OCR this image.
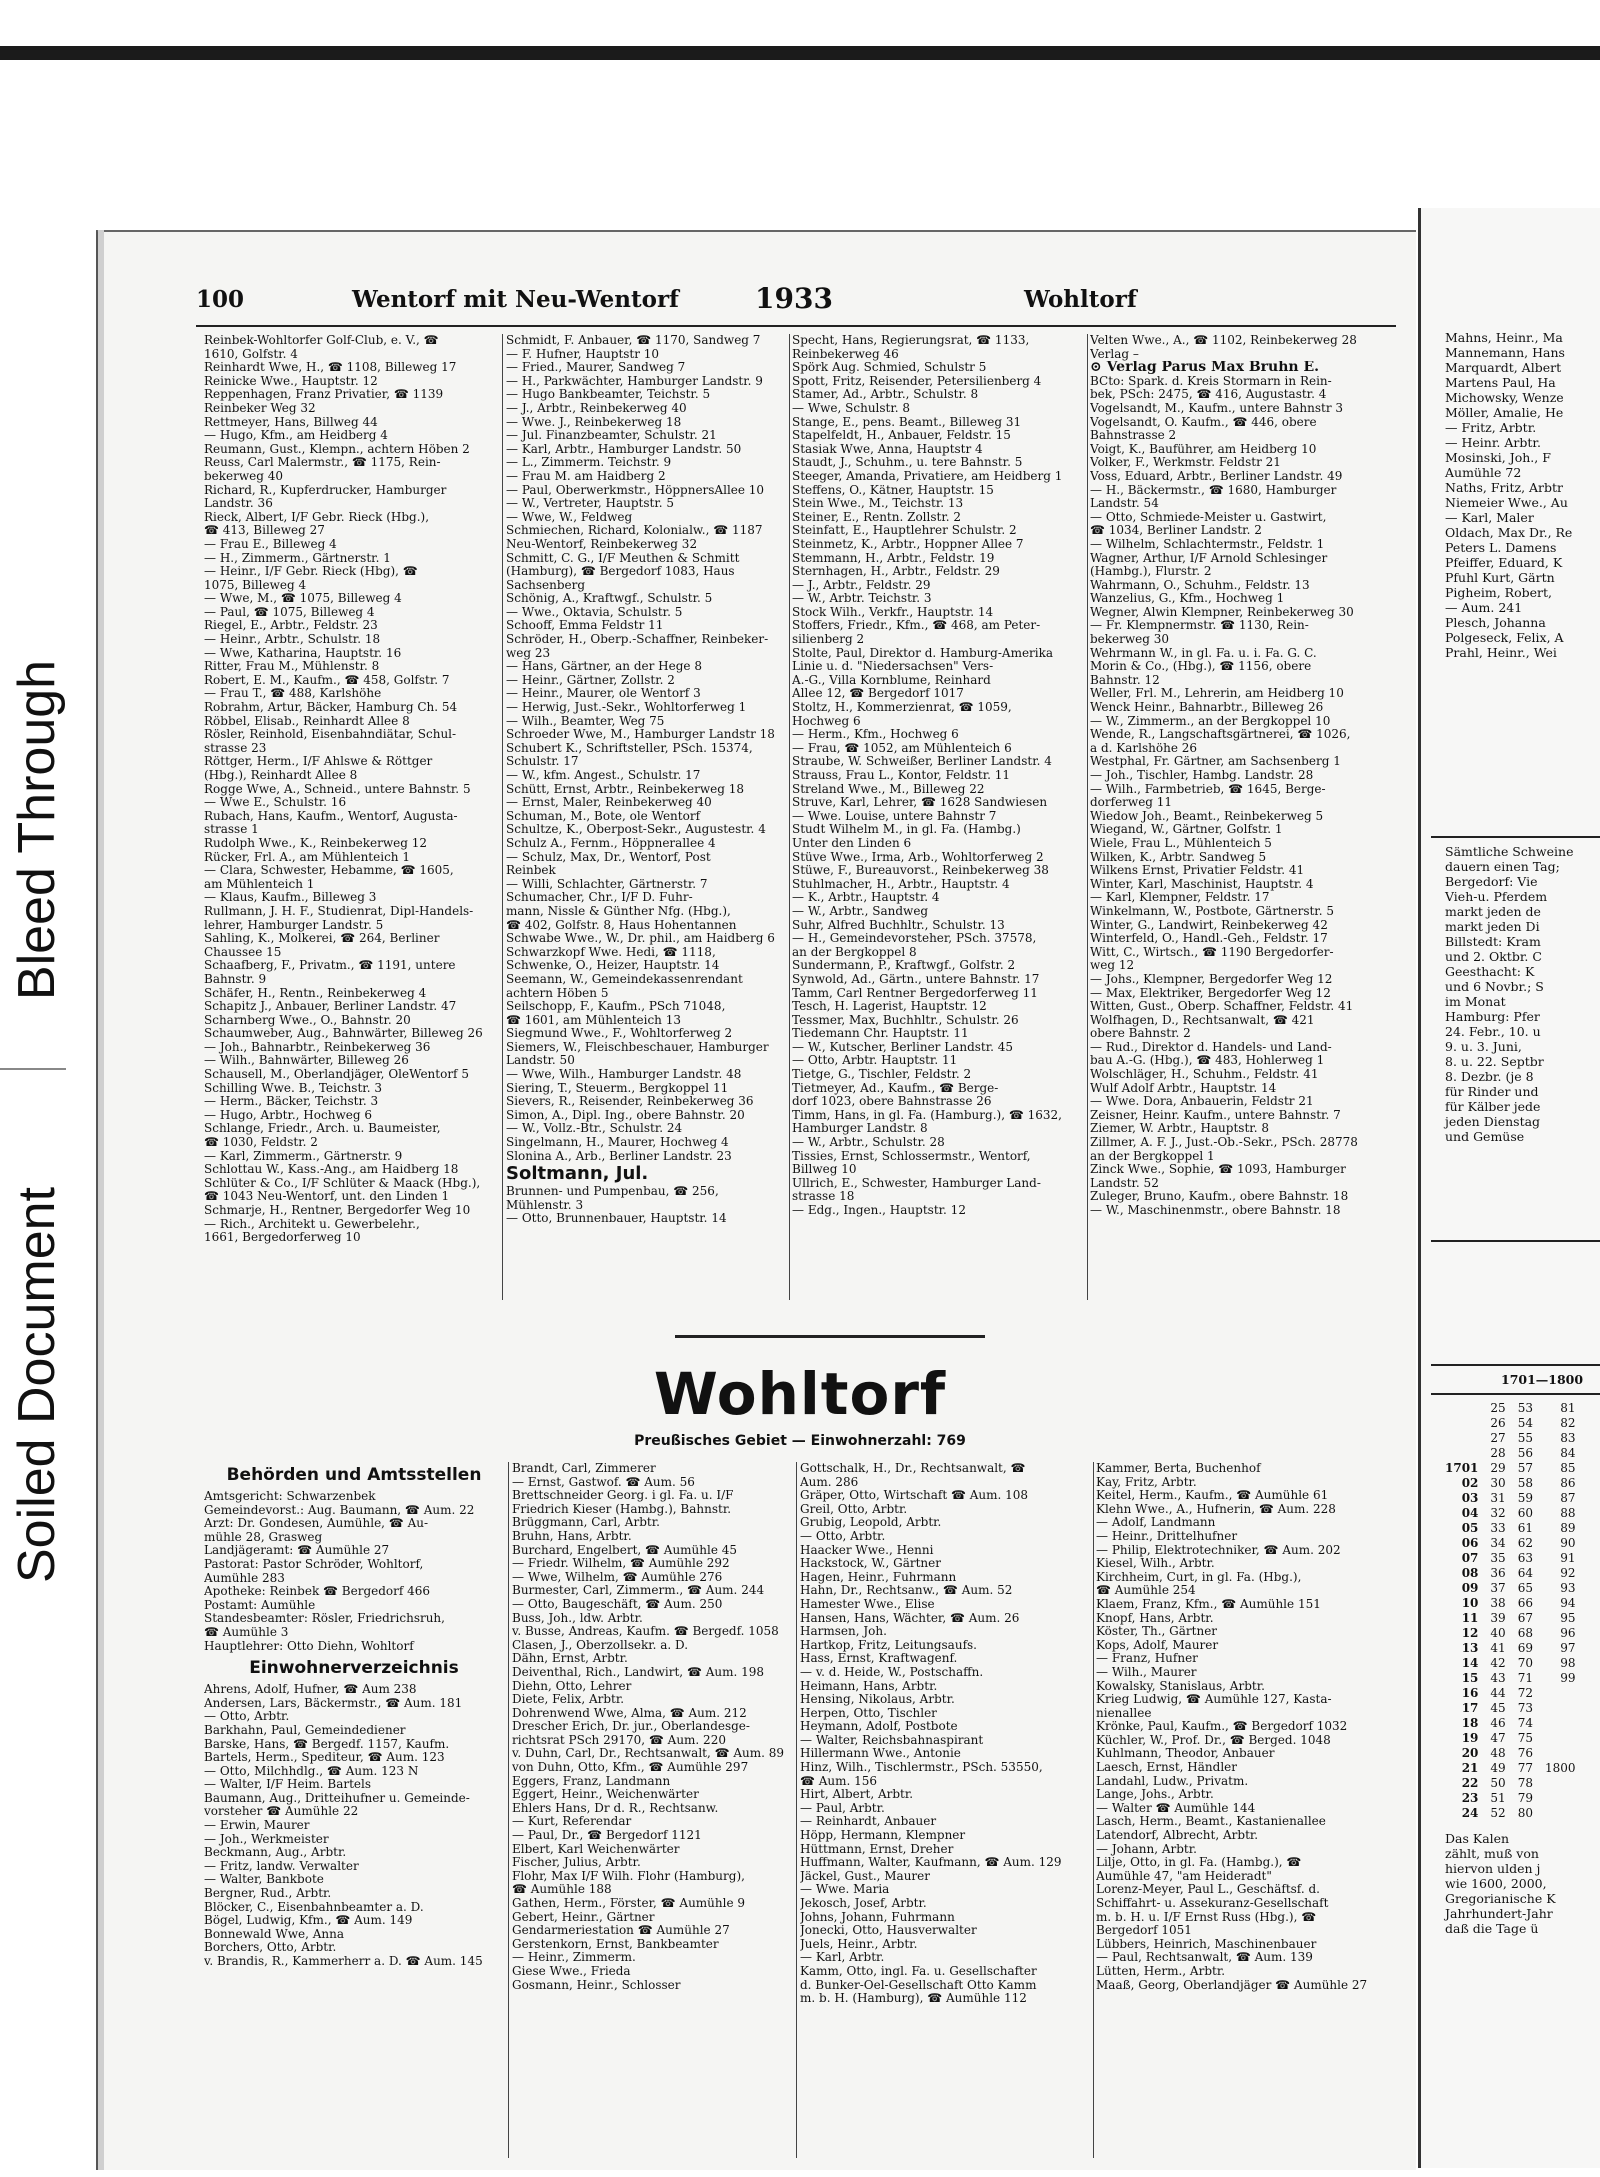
Bleed Through
Soiled Document
100	Wentorf mit Neu-Wentorf	1933	Wohltorf
Reinbek-Wohltorfer Golf-Club, e. V., ☎
1610, Golfstr. 4
Reinhardt Wwe, H., ☎ 1108, Billeweg 17
Reinicke Wwe., Hauptstr. 12
Reppenhagen, Franz Privatier, ☎ 1139
Reinbeker Weg 32
Rettmeyer, Hans, Billweg 44
— Hugo, Kfm., am Heidberg 4
Reumann, Gust., Klempn., achtern Höben 2
Reuss, Carl Malermstr., ☎ 1175, Rein-
bekerweg 40
Richard, R., Kupferdrucker, Hamburger
Landstr. 36
Rieck, Albert, I/F Gebr. Rieck (Hbg.),
☎ 413, Billeweg 27
— Frau E., Billeweg 4
— H., Zimmerm., Gärtnerstr. 1
— Heinr., I/F Gebr. Rieck (Hbg), ☎
1075, Billeweg 4
— Wwe, M., ☎ 1075, Billeweg 4
— Paul, ☎ 1075, Billeweg 4
Riegel, E., Arbtr., Feldstr. 23
— Heinr., Arbtr., Schulstr. 18
— Wwe, Katharina, Hauptstr. 16
Ritter, Frau M., Mühlenstr. 8
Robert, E. M., Kaufm., ☎ 458, Golfstr. 7
— Frau T., ☎ 488, Karlshöhe
Robrahm, Artur, Bäcker, Hamburg Ch. 54
Röbbel, Elisab., Reinhardt Allee 8
Rösler, Reinhold, Eisenbahndiätar, Schul-
strasse 23
Röttger, Herm., I/F Ahlswe & Röttger
(Hbg.), Reinhardt Allee 8
Rogge Wwe, A., Schneid., untere Bahnstr. 5
— Wwe E., Schulstr. 16
Rubach, Hans, Kaufm., Wentorf, Augusta-
strasse 1
Rudolph Wwe., K., Reinbekerweg 12
Rücker, Frl. A., am Mühlenteich 1
— Clara, Schwester, Hebamme, ☎ 1605,
am Mühlenteich 1
— Klaus, Kaufm., Billeweg 3
Rullmann, J. H. F., Studienrat, Dipl-Handels-
lehrer, Hamburger Landstr. 5
Sahling, K., Molkerei, ☎ 264, Berliner
Chaussee 15
Schaafberg, F., Privatm., ☎ 1191, untere
Bahnstr. 9
Schäfer, H., Rentn., Reinbekerweg 4
Schapitz J., Anbauer, Berliner Landstr. 47
Scharnberg Wwe., O., Bahnstr. 20
Schaumweber, Aug., Bahnwärter, Billeweg 26
— Joh., Bahnarbtr., Reinbekerweg 36
— Wilh., Bahnwärter, Billeweg 26
Schausell, M., Oberlandjäger, OleWentorf 5
Schilling Wwe. B., Teichstr. 3
— Herm., Bäcker, Teichstr. 3
— Hugo, Arbtr., Hochweg 6
Schlange, Friedr., Arch. u. Baumeister,
☎ 1030, Feldstr. 2
— Karl, Zimmerm., Gärtnerstr. 9
Schlottau W., Kass.-Ang., am Haidberg 18
Schlüter & Co., I/F Schlüter & Maack (Hbg.),
☎ 1043 Neu-Wentorf, unt. den Linden 1
Schmarje, H., Rentner, Bergedorfer Weg 10
— Rich., Architekt u. Gewerbelehr.,
1661, Bergedorferweg 10
Schmidt, F. Anbauer, ☎ 1170, Sandweg 7
— F. Hufner, Hauptstr 10
— Fried., Maurer, Sandweg 7
— H., Parkwächter, Hamburger Landstr. 9
— Hugo Bankbeamter, Teichstr. 5
— J., Arbtr., Reinbekerweg 40
— Wwe. J., Reinbekerweg 18
— Jul. Finanzbeamter, Schulstr. 21
— Karl, Arbtr., Hamburger Landstr. 50
— L., Zimmerm. Teichstr. 9
— Frau M. am Haidberg 2
— Paul, Oberwerkmstr., HöppnersAllee 10
— W., Vertreter, Hauptstr. 5
— Wwe, W., Feldweg
Schmiechen, Richard, Kolonialw., ☎ 1187
Neu-Wentorf, Reinbekerweg 32
Schmitt, C. G., I/F Meuthen & Schmitt
(Hamburg), ☎ Bergedorf 1083, Haus
Sachsenberg
Schönig, A., Kraftwgf., Schulstr. 5
— Wwe., Oktavia, Schulstr. 5
Schooff, Emma Feldstr 11
Schröder, H., Oberp.-Schaffner, Reinbeker-
weg 23
— Hans, Gärtner, an der Hege 8
— Heinr., Gärtner, Zollstr. 2
— Heinr., Maurer, ole Wentorf 3
— Herwig, Just.-Sekr., Wohltorferweg 1
— Wilh., Beamter, Weg 75
Schroeder Wwe, M., Hamburger Landstr 18
Schubert K., Schriftsteller, PSch. 15374,
Schulstr. 17
— W., kfm. Angest., Schulstr. 17
Schütt, Ernst, Arbtr., Reinbekerweg 18
— Ernst, Maler, Reinbekerweg 40
Schuman, M., Bote, ole Wentorf
Schultze, K., Oberpost-Sekr., Augustestr. 4
Schulz A., Fernm., Höppnerallee 4
— Schulz, Max, Dr., Wentorf, Post
Reinbek
— Willi, Schlachter, Gärtnerstr. 7
Schumacher, Chr., I/F D. Fuhr-
mann, Nissle & Günther Nfg. (Hbg.),
☎ 402, Golfstr. 8, Haus Hohentannen
Schwabe Wwe., W., Dr. phil., am Haidberg 6
Schwarzkopf Wwe. Hedi, ☎ 1118,
Schwenke, O., Heizer, Hauptstr. 14
Seemann, W., Gemeindekassenrendant
achtern Höben 5
Seilschopp, F., Kaufm., PSch 71048,
☎ 1601, am Mühlenteich 13
Siegmund Wwe., F., Wohltorferweg 2
Siemers, W., Fleischbeschauer, Hamburger
Landstr. 50
— Wwe, Wilh., Hamburger Landstr. 48
Siering, T., Steuerm., Bergkoppel 11
Sievers, R., Reisender, Reinbekerweg 36
Simon, A., Dipl. Ing., obere Bahnstr. 20
— W., Vollz.-Btr., Schulstr. 24
Singelmann, H., Maurer, Hochweg 4
Slonina A., Arb., Berliner Landstr. 23
Soltmann, Jul.
Brunnen- und Pumpenbau, ☎ 256,
Mühlenstr. 3
— Otto, Brunnenbauer, Hauptstr. 14
Specht, Hans, Regierungsrat, ☎ 1133,
Reinbekerweg 46
Spörk Aug. Schmied, Schulstr 5
Spott, Fritz, Reisender, Petersilienberg 4
Stamer, Ad., Arbtr., Schulstr. 8
— Wwe, Schulstr. 8
Stange, E., pens. Beamt., Billeweg 31
Stapelfeldt, H., Anbauer, Feldstr. 15
Stasiak Wwe, Anna, Hauptstr 4
Staudt, J., Schuhm., u. tere Bahnstr. 5
Steeger, Amanda, Privatiere, am Heidberg 1
Steffens, O., Kätner, Hauptstr. 15
Stein Wwe., M., Teichstr. 13
Steiner, E., Rentn. Zollstr. 2
Steinfatt, E., Hauptlehrer Schulstr. 2
Steinmetz, K., Arbtr., Hoppner Allee 7
Stemmann, H., Arbtr., Feldstr. 19
Sternhagen, H., Arbtr., Feldstr. 29
— J., Arbtr., Feldstr. 29
— W., Arbtr. Teichstr. 3
Stock Wilh., Verkfr., Hauptstr. 14
Stoffers, Friedr., Kfm., ☎ 468, am Peter-
silienberg 2
Stolte, Paul, Direktor d. Hamburg-Amerika
Linie u. d. "Niedersachsen" Vers-
A.-G., Villa Kornblume, Reinhard
Allee 12, ☎ Bergedorf 1017
Stoltz, H., Kommerzienrat, ☎ 1059,
Hochweg 6
— Herm., Kfm., Hochweg 6
— Frau, ☎ 1052, am Mühlenteich 6
Straube, W. Schweißer, Berliner Landstr. 4
Strauss, Frau L., Kontor, Feldstr. 11
Streland Wwe., M., Billeweg 22
Struve, Karl, Lehrer, ☎ 1628 Sandwiesen
— Wwe. Louise, untere Bahnstr 7
Studt Wilhelm M., in gl. Fa. (Hambg.)
Unter den Linden 6
Stüve Wwe., Irma, Arb., Wohltorferweg 2
Stüwe, F., Bureauvorst., Reinbekerweg 38
Stuhlmacher, H., Arbtr., Hauptstr. 4
— K., Arbtr., Hauptstr. 4
— W., Arbtr., Sandweg
Suhr, Alfred Buchhltr., Schulstr. 13
— H., Gemeindevorsteher, PSch. 37578,
an der Bergkoppel 8
Sundermann, P., Kraftwgf., Golfstr. 2
Synwold, Ad., Gärtn., untere Bahnstr. 17
Tamm, Carl Rentner Bergedorferweg 11
Tesch, H. Lagerist, Hauptstr. 12
Tessmer, Max, Buchhltr., Schulstr. 26
Tiedemann Chr. Hauptstr. 11
— W., Kutscher, Berliner Landstr. 45
— Otto, Arbtr. Hauptstr. 11
Tietge, G., Tischler, Feldstr. 2
Tietmeyer, Ad., Kaufm., ☎ Berge-
dorf 1023, obere Bahnstrasse 26
Timm, Hans, in gl. Fa. (Hamburg.), ☎ 1632,
Hamburger Landstr. 8
— W., Arbtr., Schulstr. 28
Tissies, Ernst, Schlossermstr., Wentorf,
Billweg 10
Ullrich, E., Schwester, Hamburger Land-
strasse 18
— Edg., Ingen., Hauptstr. 12
Velten Wwe., A., ☎ 1102, Reinbekerweg 28
Verlag –
⊙ Verlag Parus Max Bruhn E.
BCto: Spark. d. Kreis Stormarn in Rein-
bek, PSch: 2475, ☎ 416, Augustastr. 4
Vogelsandt, M., Kaufm., untere Bahnstr 3
Vogelsandt, O. Kaufm., ☎ 446, obere
Bahnstrasse 2
Voigt, K., Bauführer, am Heidberg 10
Volker, F., Werkmstr. Feldstr 21
Voss, Eduard, Arbtr., Berliner Landstr. 49
— H., Bäckermstr., ☎ 1680, Hamburger
Landstr. 54
— Otto, Schmiede-Meister u. Gastwirt,
☎ 1034, Berliner Landstr. 2
— Wilhelm, Schlachtermstr., Feldstr. 1
Wagner, Arthur, I/F Arnold Schlesinger
(Hambg.), Flurstr. 2
Wahrmann, O., Schuhm., Feldstr. 13
Wanzelius, G., Kfm., Hochweg 1
Wegner, Alwin Klempner, Reinbekerweg 30
— Fr. Klempnermstr. ☎ 1130, Rein-
bekerweg 30
Wehrmann W., in gl. Fa. u. i. Fa. G. C.
Morin & Co., (Hbg.), ☎ 1156, obere
Bahnstr. 12
Weller, Frl. M., Lehrerin, am Heidberg 10
Wenck Heinr., Bahnarbtr., Billeweg 26
— W., Zimmerm., an der Bergkoppel 10
Wende, R., Langschaftsgärtnerei, ☎ 1026,
a d. Karlshöhe 26
Westphal, Fr. Gärtner, am Sachsenberg 1
— Joh., Tischler, Hambg. Landstr. 28
— Wilh., Farmbetrieb, ☎ 1645, Berge-
dorferweg 11
Wiedow Joh., Beamt., Reinbekerweg 5
Wiegand, W., Gärtner, Golfstr. 1
Wiele, Frau L., Mühlenteich 5
Wilken, K., Arbtr. Sandweg 5
Wilkens Ernst, Privatier Feldstr. 41
Winter, Karl, Maschinist, Hauptstr. 4
— Karl, Klempner, Feldstr. 17
Winkelmann, W., Postbote, Gärtnerstr. 5
Winter, G., Landwirt, Reinbekerweg 42
Winterfeld, O., Handl.-Geh., Feldstr. 17
Witt, C., Wirtsch., ☎ 1190 Bergedorfer-
weg 12
— Johs., Klempner, Bergedorfer Weg 12
— Max, Elektriker, Bergedorfer Weg 12
Witten, Gust., Oberp. Schaffner, Feldstr. 41
Wolfhagen, D., Rechtsanwalt, ☎ 421
obere Bahnstr. 2
— Rud., Direktor d. Handels- und Land-
bau A.-G. (Hbg.), ☎ 483, Hohlerweg 1
Wolschläger, H., Schuhm., Feldstr. 41
Wulf Adolf Arbtr., Hauptstr. 14
— Wwe. Dora, Anbauerin, Feldstr 21
Zeisner, Heinr. Kaufm., untere Bahnstr. 7
Ziemer, W. Arbtr., Hauptstr. 8
Zillmer, A. F. J., Just.-Ob.-Sekr., PSch. 28778
an der Bergkoppel 1
Zinck Wwe., Sophie, ☎ 1093, Hamburger
Landstr. 52
Zuleger, Bruno, Kaufm., obere Bahnstr. 18
— W., Maschinenmstr., obere Bahnstr. 18
Wohltorf
Preußisches Gebiet — Einwohnerzahl: 769
Behörden und Amtsstellen
Amtsgericht: Schwarzenbek
Gemeindevorst.: Aug. Baumann, ☎ Aum. 22
Arzt: Dr. Gondesen, Aumühle, ☎ Au-
mühle 28, Grasweg
Landjägeramt: ☎ Aumühle 27
Pastorat: Pastor Schröder, Wohltorf,
Aumühle 283
Apotheke: Reinbek ☎ Bergedorf 466
Postamt: Aumühle
Standesbeamter: Rösler, Friedrichsruh,
☎ Aumühle 3
Hauptlehrer: Otto Diehn, Wohltorf
Einwohnerverzeichnis
Ahrens, Adolf, Hufner, ☎ Aum 238
Andersen, Lars, Bäckermstr., ☎ Aum. 181
— Otto, Arbtr.
Barkhahn, Paul, Gemeindediener
Barske, Hans, ☎ Bergedf. 1157, Kaufm.
Bartels, Herm., Spediteur, ☎ Aum. 123
— Otto, Milchhdlg., ☎ Aum. 123 N
— Walter, I/F Heim. Bartels
Baumann, Aug., Dritteihufner u. Gemeinde-
vorsteher ☎ Aumühle 22
— Erwin, Maurer
— Joh., Werkmeister
Beckmann, Aug., Arbtr.
— Fritz, landw. Verwalter
— Walter, Bankbote
Bergner, Rud., Arbtr.
Blöcker, C., Eisenbahnbeamter a. D.
Bögel, Ludwig, Kfm., ☎ Aum. 149
Bonnewald Wwe, Anna
Borchers, Otto, Arbtr.
v. Brandis, R., Kammerherr a. D. ☎ Aum. 145
Brandt, Carl, Zimmerer
— Ernst, Gastwof. ☎ Aum. 56
Brettschneider Georg. i gl. Fa. u. I/F
Friedrich Kieser (Hambg.), Bahnstr.
Brüggmann, Carl, Arbtr.
Bruhn, Hans, Arbtr.
Burchard, Engelbert, ☎ Aumühle 45
— Friedr. Wilhelm, ☎ Aumühle 292
— Wwe, Wilhelm, ☎ Aumühle 276
Burmester, Carl, Zimmerm., ☎ Aum. 244
— Otto, Baugeschäft, ☎ Aum. 250
Buss, Joh., ldw. Arbtr.
v. Busse, Andreas, Kaufm. ☎ Bergedf. 1058
Clasen, J., Oberzollsekr. a. D.
Dähn, Ernst, Arbtr.
Deiventhal, Rich., Landwirt, ☎ Aum. 198
Diehn, Otto, Lehrer
Diete, Felix, Arbtr.
Dohrenwend Wwe, Alma, ☎ Aum. 212
Drescher Erich, Dr. jur., Oberlandesge-
richtsrat PSch 29170, ☎ Aum. 220
v. Duhn, Carl, Dr., Rechtsanwalt, ☎ Aum. 89
von Duhn, Otto, Kfm., ☎ Aumühle 297
Eggers, Franz, Landmann
Eggert, Heinr., Weichenwärter
Ehlers Hans, Dr d. R., Rechtsanw.
— Kurt, Referendar
— Paul, Dr., ☎ Bergedorf 1121
Elbert, Karl Weichenwärter
Fischer, Julius, Arbtr.
Flohr, Max I/F Wilh. Flohr (Hamburg),
☎ Aumühle 188
Gathen, Herm., Förster, ☎ Aumühle 9
Gebert, Heinr., Gärtner
Gendarmeriestation ☎ Aumühle 27
Gerstenkorn, Ernst, Bankbeamter
— Heinr., Zimmerm.
Giese Wwe., Frieda
Gosmann, Heinr., Schlosser
Gottschalk, H., Dr., Rechtsanwalt, ☎
Aum. 286
Gräper, Otto, Wirtschaft ☎ Aum. 108
Greil, Otto, Arbtr.
Grubig, Leopold, Arbtr.
— Otto, Arbtr.
Haacker Wwe., Henni
Hackstock, W., Gärtner
Hagen, Heinr., Fuhrmann
Hahn, Dr., Rechtsanw., ☎ Aum. 52
Hamester Wwe., Elise
Hansen, Hans, Wächter, ☎ Aum. 26
Harmsen, Joh.
Hartkop, Fritz, Leitungsaufs.
Hass, Ernst, Kraftwagenf.
— v. d. Heide, W., Postschaffn.
Heimann, Hans, Arbtr.
Hensing, Nikolaus, Arbtr.
Herpen, Otto, Tischler
Heymann, Adolf, Postbote
— Walter, Reichsbahnaspirant
Hillermann Wwe., Antonie
Hinz, Wilh., Tischlermstr., PSch. 53550,
☎ Aum. 156
Hirt, Albert, Arbtr.
— Paul, Arbtr.
— Reinhardt, Anbauer
Höpp, Hermann, Klempner
Hüttmann, Ernst, Dreher
Huffmann, Walter, Kaufmann, ☎ Aum. 129
Jäckel, Gust., Maurer
— Wwe. Maria
Jekosch, Josef, Arbtr.
Johns, Johann, Fuhrmann
Jonecki, Otto, Hausverwalter
Juels, Heinr., Arbtr.
— Karl, Arbtr.
Kamm, Otto, ingl. Fa. u. Gesellschafter
d. Bunker-Oel-Gesellschaft Otto Kamm
m. b. H. (Hamburg), ☎ Aumühle 112
Kammer, Berta, Buchenhof
Kay, Fritz, Arbtr.
Keitel, Herm., Kaufm., ☎ Aumühle 61
Klehn Wwe., A., Hufnerin, ☎ Aum. 228
— Adolf, Landmann
— Heinr., Drittelhufner
— Philip, Elektrotechniker, ☎ Aum. 202
Kiesel, Wilh., Arbtr.
Kirchheim, Curt, in gl. Fa. (Hbg.),
☎ Aumühle 254
Klaem, Franz, Kfm., ☎ Aumühle 151
Knopf, Hans, Arbtr.
Köster, Th., Gärtner
Kops, Adolf, Maurer
— Franz, Hufner
— Wilh., Maurer
Kowalsky, Stanislaus, Arbtr.
Krieg Ludwig, ☎ Aumühle 127, Kasta-
nienallee
Krönke, Paul, Kaufm., ☎ Bergedorf 1032
Küchler, W., Prof. Dr., ☎ Berged. 1048
Kuhlmann, Theodor, Anbauer
Laesch, Ernst, Händler
Landahl, Ludw., Privatm.
Lange, Johs., Arbtr.
— Walter ☎ Aumühle 144
Lasch, Herm., Beamt., Kastanienallee
Latendorf, Albrecht, Arbtr.
— Johann, Arbtr.
Lilje, Otto, in gl. Fa. (Hambg.), ☎
Aumühle 47, "am Heideradt"
Lorenz-Meyer, Paul L., Geschäftsf. d.
Schiffahrt- u. Assekuranz-Gesellschaft
m. b. H. u. I/F Ernst Russ (Hbg.), ☎
Bergedorf 1051
Lübbers, Heinrich, Maschinenbauer
— Paul, Rechtsanwalt, ☎ Aum. 139
Lütten, Herm., Arbtr.
Maaß, Georg, Oberlandjäger ☎ Aumühle 27
Mahns, Heinr., Ma
Mannemann, Hans
Marquardt, Albert
Martens Paul, Ha
Michowsky, Wenze
Möller, Amalie, He
— Fritz, Arbtr.
— Heinr. Arbtr.
Mosinski, Joh., F
Aumühle 72
Naths, Fritz, Arbtr
Niemeier Wwe., Au
— Karl, Maler
Oldach, Max Dr., Re
Peters L. Damens
Pfeiffer, Eduard, K
Pfuhl Kurt, Gärtn
Pigheim, Robert,
— Aum. 241
Plesch, Johanna
Polgeseck, Felix, A
Prahl, Heinr., Wei
Sämtliche Schweine
dauern einen Tag;
Bergedorf: Vie
Vieh-u. Pferdem
markt jeden de
markt jeden Di
Billstedt: Kram
und 2. Oktbr. C
Geesthacht: K
und 6 Novbr.; S
im Monat
Hamburg: Pfer
24. Febr., 10. u
9. u. 3. Juni,
8. u. 22. Septbr
8. Dezbr. (je 8
für Rinder und
für Kälber jede
jeden Dienstag
und Gemüse
1701—1800
	25	53	81
	26	54	82
	27	55	83
	28	56	84
1701	29	57	85
02	30	58	86
03	31	59	87
04	32	60	88
05	33	61	89
06	34	62	90
07	35	63	91
08	36	64	92
09	37	65	93
10	38	66	94
11	39	67	95
12	40	68	96
13	41	69	97
14	42	70	98
15	43	71	99
16	44	72	
17	45	73	
18	46	74	
19	47	75	
20	48	76	
21	49	77	1800
22	50	78	
23	51	79	
24	52	80	
Das Kalen
zählt, muß von
hiervon ulden j
wie 1600, 2000,
Gregorianische K
Jahrhundert-Jahr
daß die Tage ü
